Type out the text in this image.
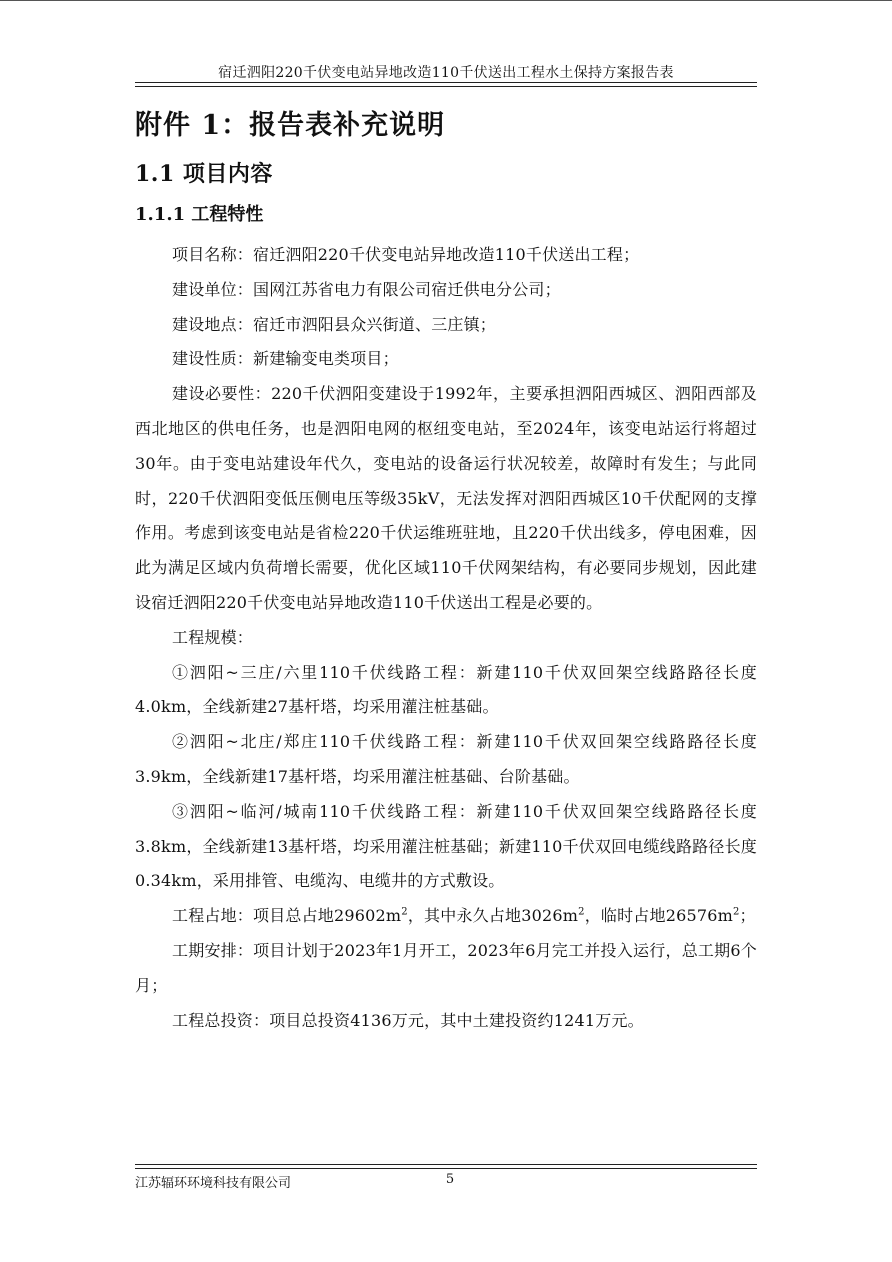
宿迁泗阳220千伏变电站异地改造110千伏送出工程水土保持方案报告表
附件 1：报告表补充说明
1.1 项目内容
1.1.1 工程特性

项目名称：宿迁泗阳220千伏变电站异地改造110千伏送出工程；

建设单位：国网江苏省电力有限公司宿迁供电分公司；

建设地点：宿迁市泗阳县众兴街道、三庄镇；

建设性质：新建输变电类项目；

建设必要性：220千伏泗阳变建设于1992年，主要承担泗阳西城区、泗阳西部及西北地区的供电任务，也是泗阳电网的枢纽变电站，至2024年，该变电站运行将超过30年。由于变电站建设年代久，变电站的设备运行状况较差，故障时有发生；与此同时，220千伏泗阳变低压侧电压等级35kV，无法发挥对泗阳西城区10千伏配网的支撑作用。考虑到该变电站是省检220千伏运维班驻地，且220千伏出线多，停电困难，因此为满足区域内负荷增长需要，优化区域110千伏网架结构，有必要同步规划，因此建设宿迁泗阳220千伏变电站异地改造110千伏送出工程是必要的。

工程规模：

①泗阳~三庄/六里110千伏线路工程：新建110千伏双回架空线路路径长度4.0km，全线新建27基杆塔，均采用灌注桩基础。

②泗阳~北庄/郑庄110千伏线路工程：新建110千伏双回架空线路路径长度3.9km，全线新建17基杆塔，均采用灌注桩基础、台阶基础。

③泗阳~临河/城南110千伏线路工程：新建110千伏双回架空线路路径长度3.8km，全线新建13基杆塔，均采用灌注桩基础；新建110千伏双回电缆线路路径长度0.34km，采用排管、电缆沟、电缆井的方式敷设。

工程占地：项目总占地$29602m^2$，其中永久占地$3026m^2$，临时占地$26576m^2$；

工期安排：项目计划于2023年1月开工，2023年6月完工并投入运行，总工期6个月；

工程总投资：项目总投资4136万元，其中土建投资约1241万元。

江苏辐环环境科技有限公司	5
